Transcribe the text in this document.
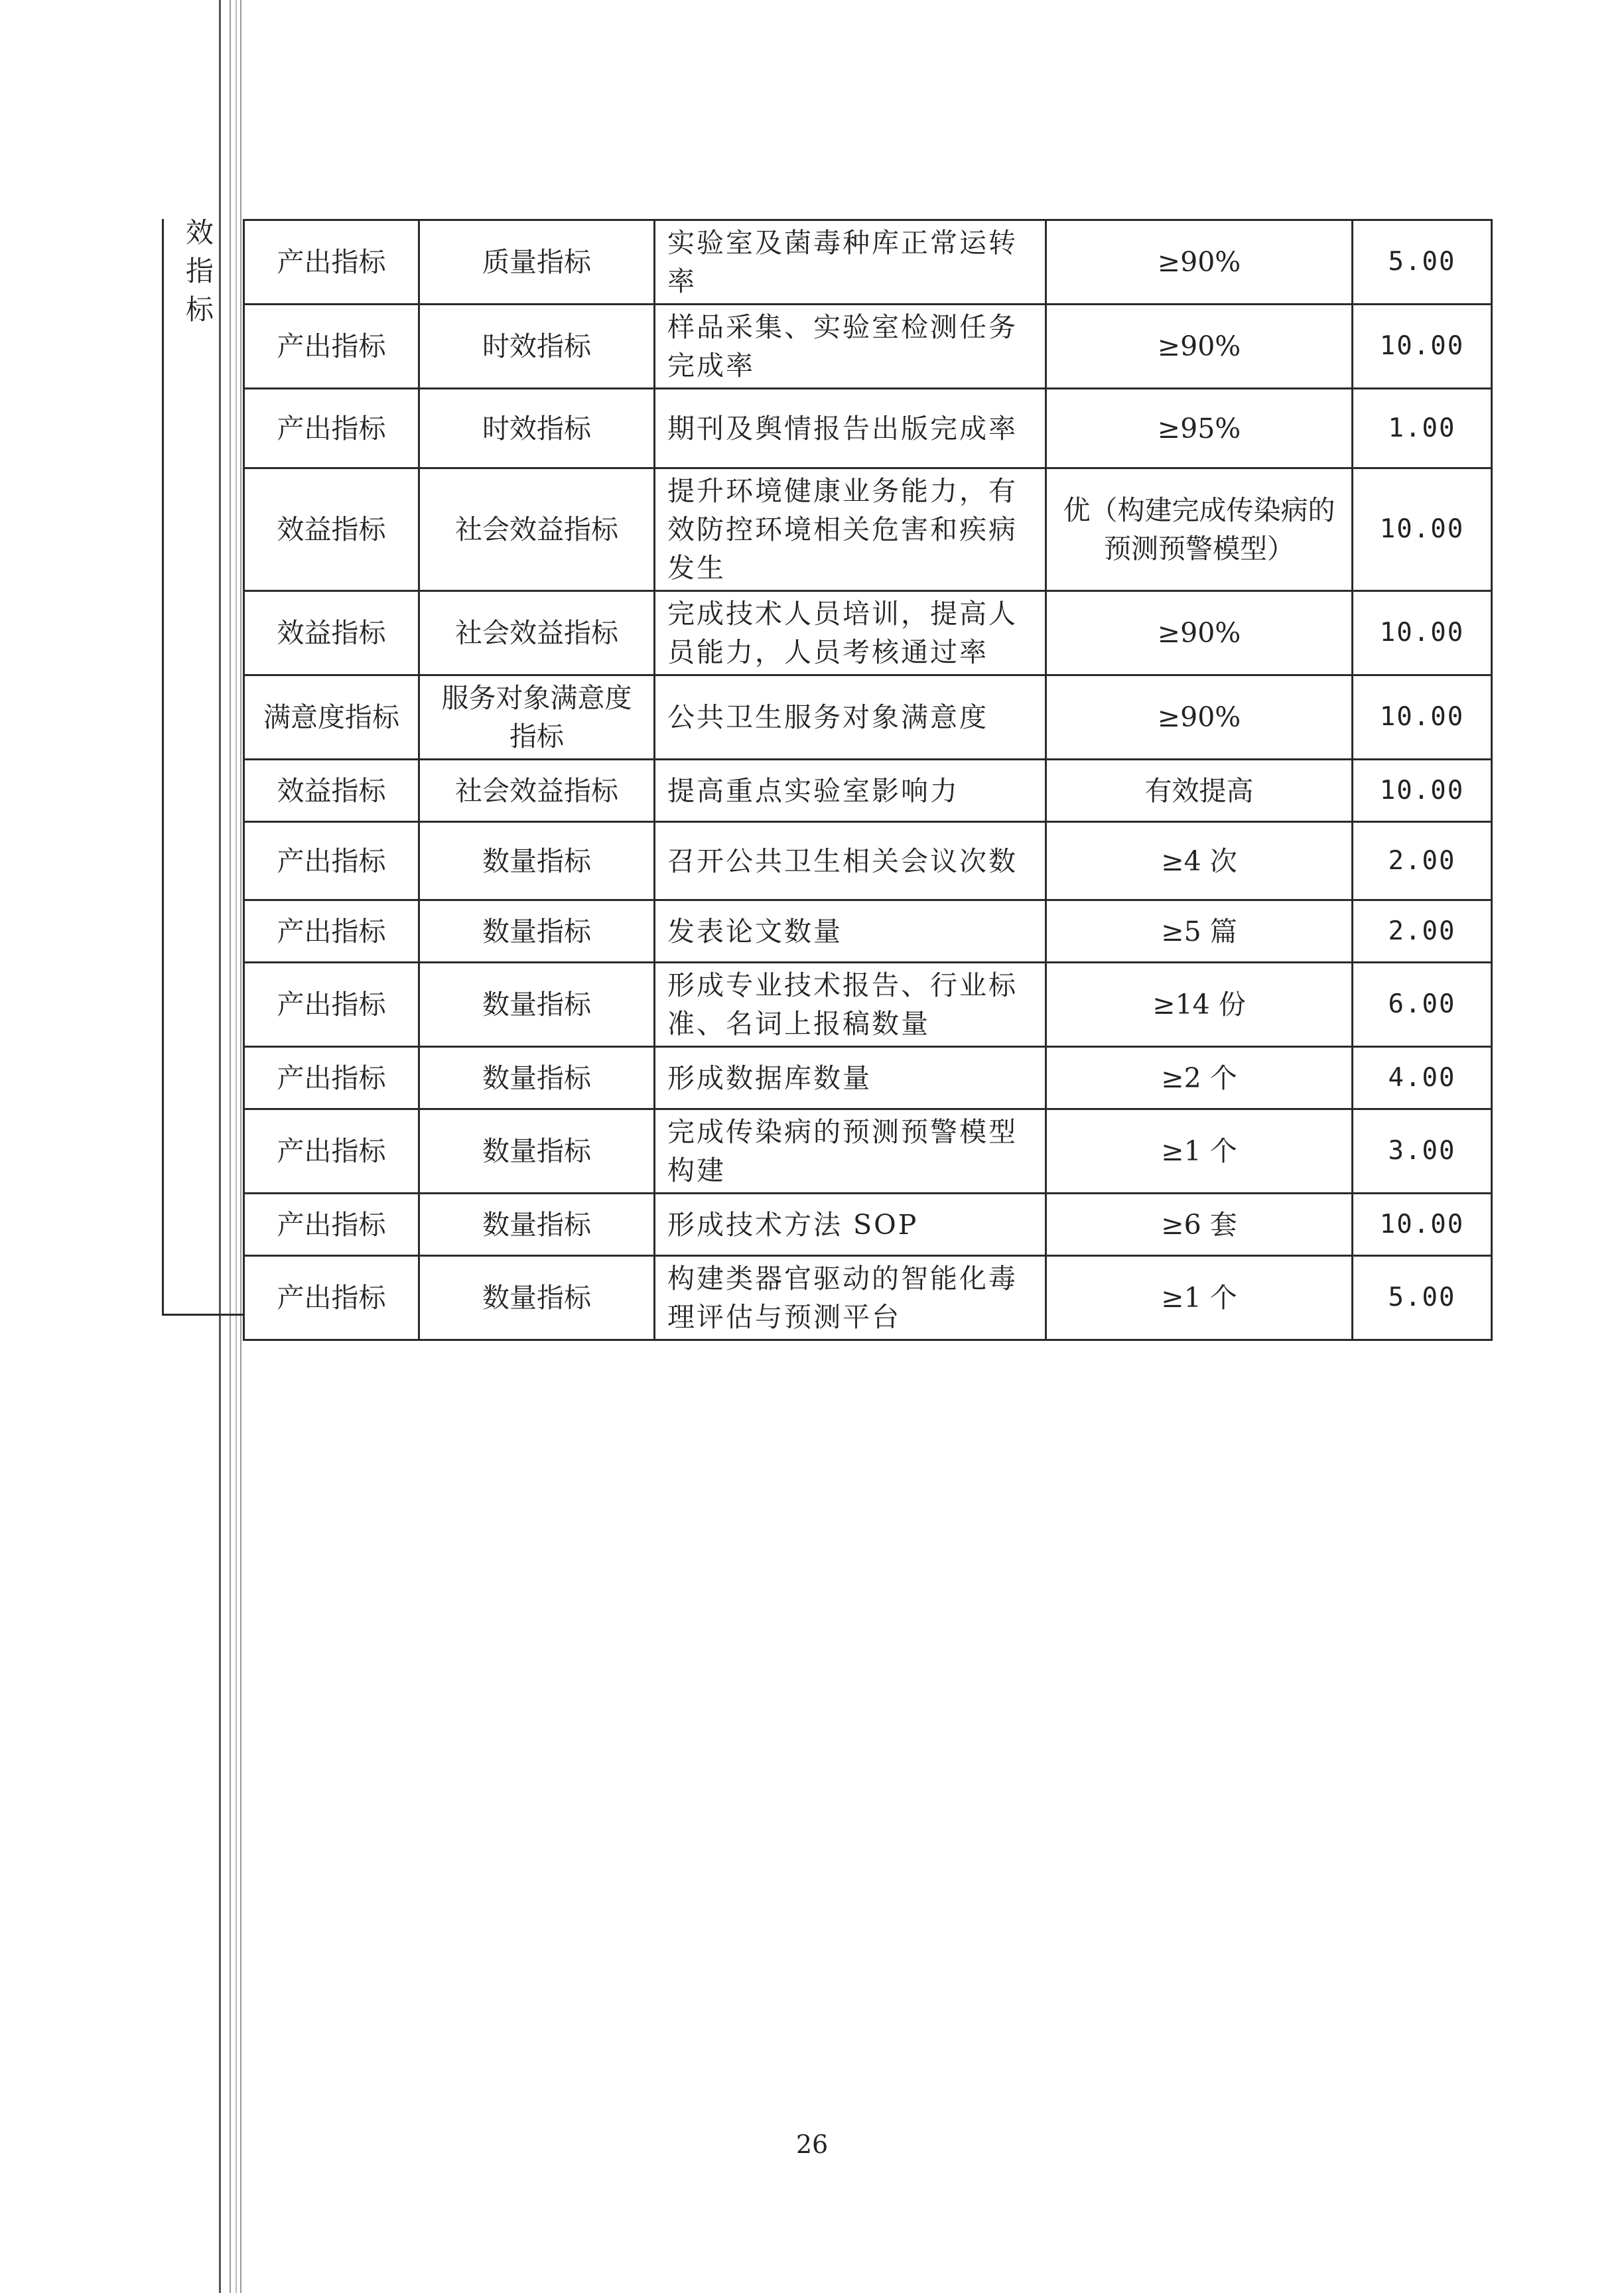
效
指
标
产出指标	质量指标	实验室及菌毒种库正常运转率	≥90%	5.00
产出指标	时效指标	样品采集、实验室检测任务完成率	≥90%	10.00
产出指标	时效指标	期刊及舆情报告出版完成率	≥95%	1.00
效益指标	社会效益指标	提升环境健康业务能力，有效防控环境相关危害和疾病发生	优（构建完成传染病的预测预警模型）	10.00
效益指标	社会效益指标	完成技术人员培训，提高人员能力，人员考核通过率	≥90%	10.00
满意度指标	服务对象满意度指标	公共卫生服务对象满意度	≥90%	10.00
效益指标	社会效益指标	提高重点实验室影响力	有效提高	10.00
产出指标	数量指标	召开公共卫生相关会议次数	≥4 次	2.00
产出指标	数量指标	发表论文数量	≥5 篇	2.00
产出指标	数量指标	形成专业技术报告、行业标准、名词上报稿数量	≥14 份	6.00
产出指标	数量指标	形成数据库数量	≥2 个	4.00
产出指标	数量指标	完成传染病的预测预警模型构建	≥1 个	3.00
产出指标	数量指标	形成技术方法 SOP	≥6 套	10.00
产出指标	数量指标	构建类器官驱动的智能化毒理评估与预测平台	≥1 个	5.00
26
